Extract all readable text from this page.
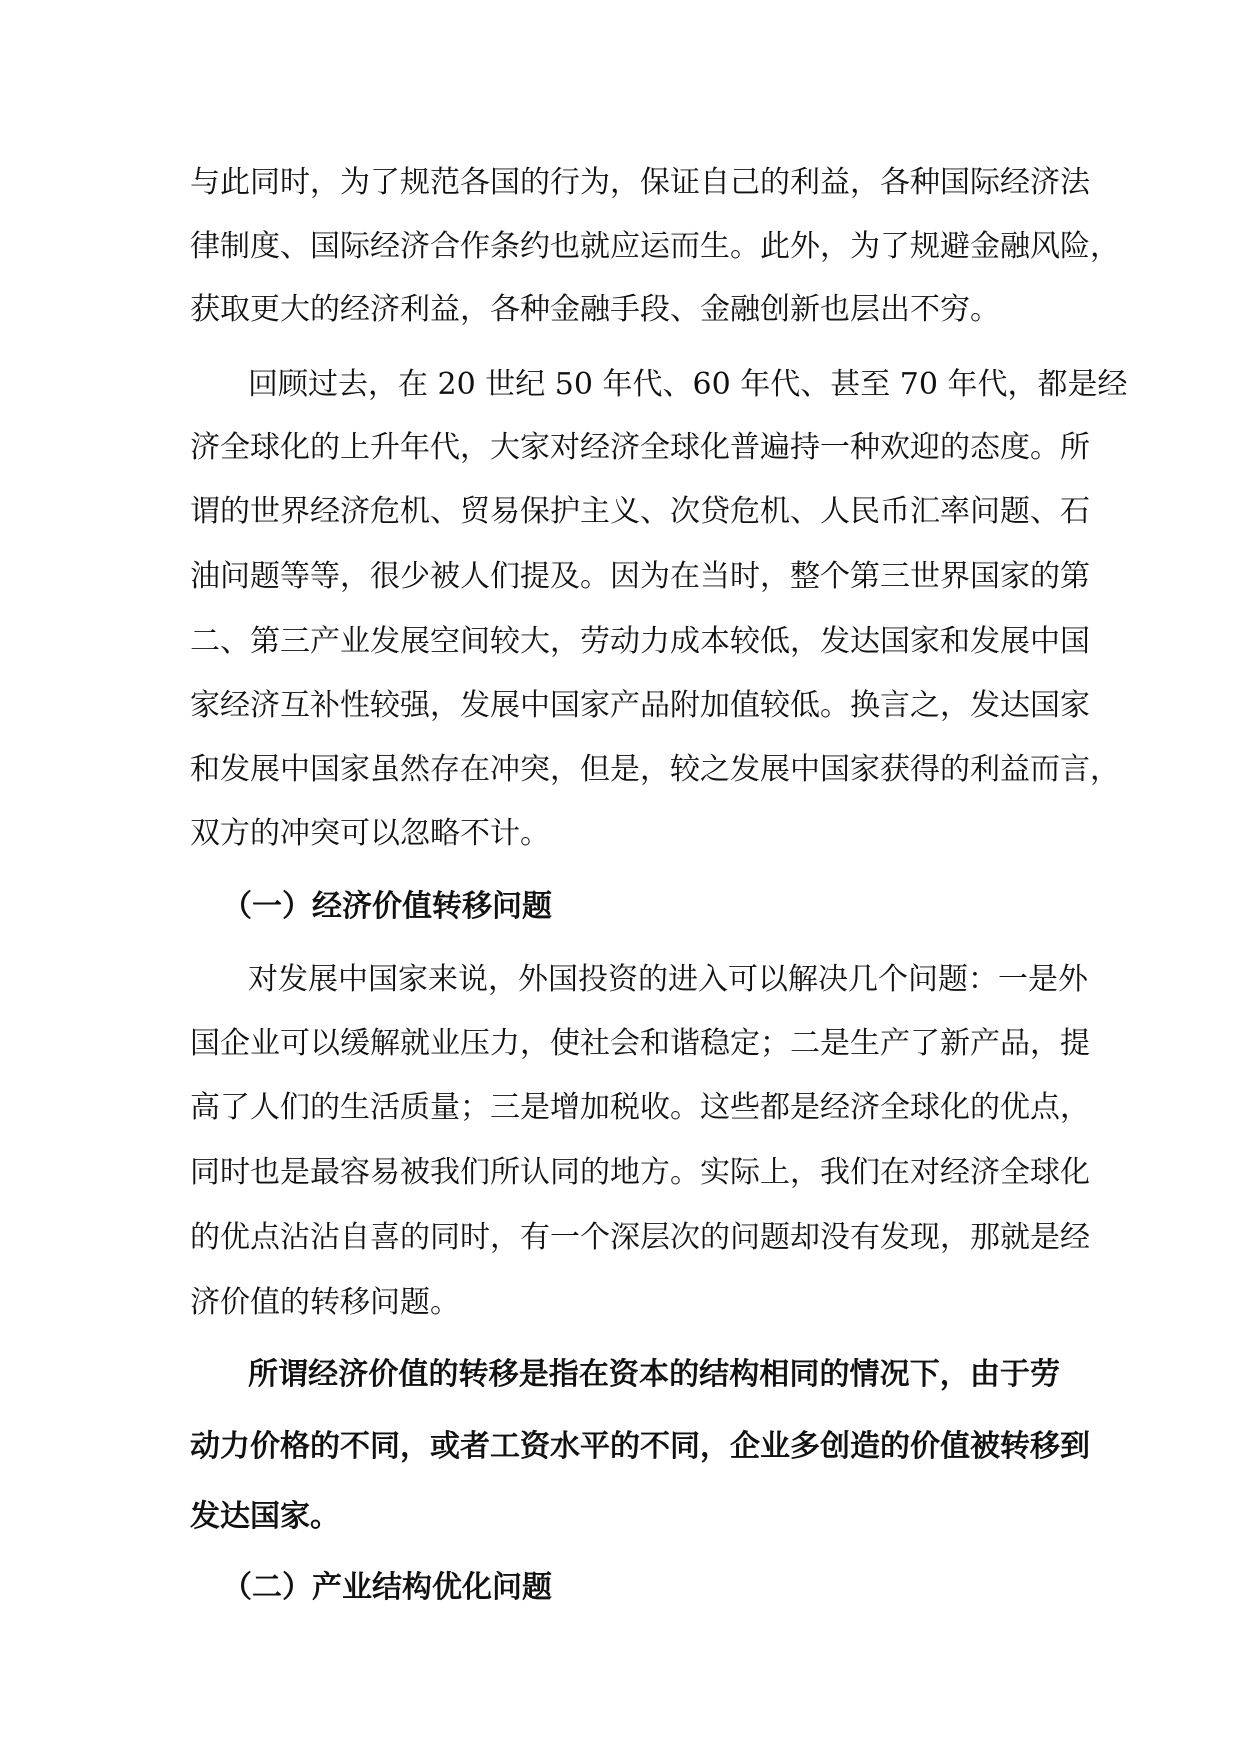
与此同时，为了规范各国的行为，保证自己的利益，各种国际经济法
律制度、国际经济合作条约也就应运而生。此外，为了规避金融风险，
获取更大的经济利益，各种金融手段、金融创新也层出不穷。
回顾过去，在 20 世纪 50 年代、60 年代、甚至 70 年代，都是经
济全球化的上升年代，大家对经济全球化普遍持一种欢迎的态度。所
谓的世界经济危机、贸易保护主义、次贷危机、人民币汇率问题、石
油问题等等，很少被人们提及。因为在当时，整个第三世界国家的第
二、第三产业发展空间较大，劳动力成本较低，发达国家和发展中国
家经济互补性较强，发展中国家产品附加值较低。换言之，发达国家
和发展中国家虽然存在冲突，但是，较之发展中国家获得的利益而言，
双方的冲突可以忽略不计。
（一）经济价值转移问题
对发展中国家来说，外国投资的进入可以解决几个问题：一是外
国企业可以缓解就业压力，使社会和谐稳定；二是生产了新产品，提
高了人们的生活质量；三是增加税收。这些都是经济全球化的优点，
同时也是最容易被我们所认同的地方。实际上，我们在对经济全球化
的优点沾沾自喜的同时，有一个深层次的问题却没有发现，那就是经
济价值的转移问题。
所谓经济价值的转移是指在资本的结构相同的情况下，由于劳
动力价格的不同，或者工资水平的不同，企业多创造的价值被转移到
发达国家。
（二）产业结构优化问题
